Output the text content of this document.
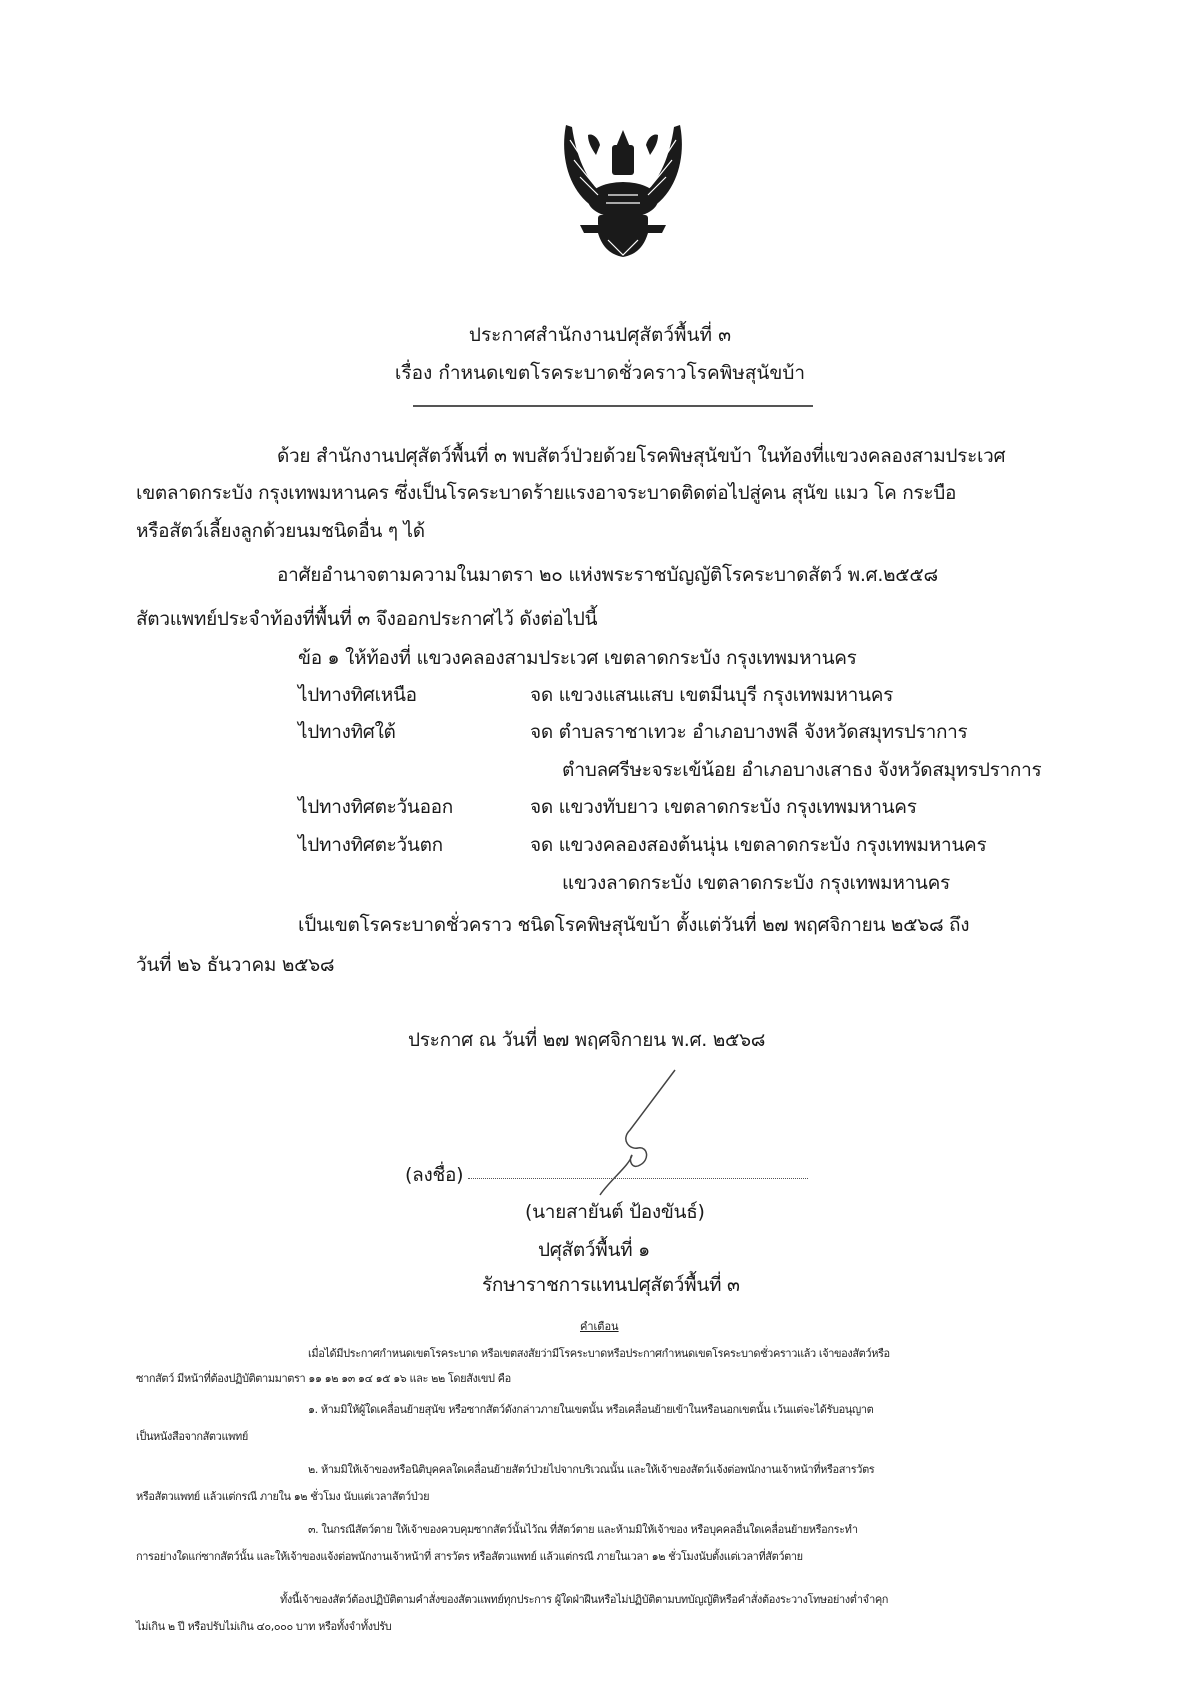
ประกาศสำนักงานปศุสัตว์พื้นที่ ๓
เรื่อง กำหนดเขตโรคระบาดชั่วคราวโรคพิษสุนัขบ้า
ด้วย สำนักงานปศุสัตว์พื้นที่ ๓ พบสัตว์ป่วยด้วยโรคพิษสุนัขบ้า ในท้องที่แขวงคลองสามประเวศ
เขตลาดกระบัง กรุงเทพมหานคร ซึ่งเป็นโรคระบาดร้ายแรงอาจระบาดติดต่อไปสู่คน สุนัข แมว โค กระบือ
หรือสัตว์เลี้ยงลูกด้วยนมชนิดอื่น ๆ ได้
อาศัยอำนาจตามความในมาตรา ๒๐ แห่งพระราชบัญญัติโรคระบาดสัตว์ พ.ศ.๒๕๕๘
สัตวแพทย์ประจำท้องที่พื้นที่ ๓ จึงออกประกาศไว้ ดังต่อไปนี้
ข้อ ๑ ให้ท้องที่ แขวงคลองสามประเวศ เขตลาดกระบัง กรุงเทพมหานคร
ไปทางทิศเหนือ	จด แขวงแสนแสบ เขตมีนบุรี กรุงเทพมหานคร
ไปทางทิศใต้	จด ตำบลราชาเทวะ อำเภอบางพลี จังหวัดสมุทรปราการ
ตำบลศรีษะจระเข้น้อย อำเภอบางเสาธง จังหวัดสมุทรปราการ
ไปทางทิศตะวันออก	จด แขวงทับยาว เขตลาดกระบัง กรุงเทพมหานคร
ไปทางทิศตะวันตก	จด แขวงคลองสองต้นนุ่น เขตลาดกระบัง กรุงเทพมหานคร
แขวงลาดกระบัง เขตลาดกระบัง กรุงเทพมหานคร
เป็นเขตโรคระบาดชั่วคราว ชนิดโรคพิษสุนัขบ้า ตั้งแต่วันที่ ๒๗ พฤศจิกายน ๒๕๖๘ ถึง
วันที่ ๒๖ ธันวาคม ๒๕๖๘
ประกาศ ณ วันที่ ๒๗ พฤศจิกายน พ.ศ. ๒๕๖๘
(ลงชื่อ)
(นายสายันต์ ป้องขันธ์)
ปศุสัตว์พื้นที่ ๑
รักษาราชการแทนปศุสัตว์พื้นที่ ๓
คำเตือน
เมื่อได้มีประกาศกำหนดเขตโรคระบาด หรือเขตสงสัยว่ามีโรคระบาดหรือประกาศกำหนดเขตโรคระบาดชั่วคราวแล้ว เจ้าของสัตว์หรือ
ซากสัตว์ มีหน้าที่ต้องปฏิบัติตามมาตรา ๑๑ ๑๒ ๑๓ ๑๔ ๑๕ ๑๖ และ ๒๒ โดยสังเขป คือ
๑. ห้ามมิให้ผู้ใดเคลื่อนย้ายสุนัข หรือซากสัตว์ดังกล่าวภายในเขตนั้น หรือเคลื่อนย้ายเข้าในหรือนอกเขตนั้น เว้นแต่จะได้รับอนุญาต
เป็นหนังสือจากสัตวแพทย์
๒. ห้ามมิให้เจ้าของหรือนิติบุคคลใดเคลื่อนย้ายสัตว์ป่วยไปจากบริเวณนั้น และให้เจ้าของสัตว์แจ้งต่อพนักงานเจ้าหน้าที่หรือสารวัตร
หรือสัตวแพทย์ แล้วแต่กรณี ภายใน ๑๒ ชั่วโมง นับแต่เวลาสัตว์ป่วย
๓. ในกรณีสัตว์ตาย ให้เจ้าของควบคุมซากสัตว์นั้นไว้ณ ที่สัตว์ตาย และห้ามมิให้เจ้าของ หรือบุคคลอื่นใดเคลื่อนย้ายหรือกระทำ
การอย่างใดแก่ซากสัตว์นั้น และให้เจ้าของแจ้งต่อพนักงานเจ้าหน้าที่ สารวัตร หรือสัตวแพทย์ แล้วแต่กรณี ภายในเวลา ๑๒ ชั่วโมงนับตั้งแต่เวลาที่สัตว์ตาย
ทั้งนี้เจ้าของสัตว์ต้องปฏิบัติตามคำสั่งของสัตวแพทย์ทุกประการ ผู้ใดฝ่าฝืนหรือไม่ปฏิบัติตามบทบัญญัติหรือคำสั่งต้องระวางโทษอย่างต่ำจำคุก
ไม่เกิน ๒ ปี หรือปรับไม่เกิน ๔๐,๐๐๐ บาท หรือทั้งจำทั้งปรับ
